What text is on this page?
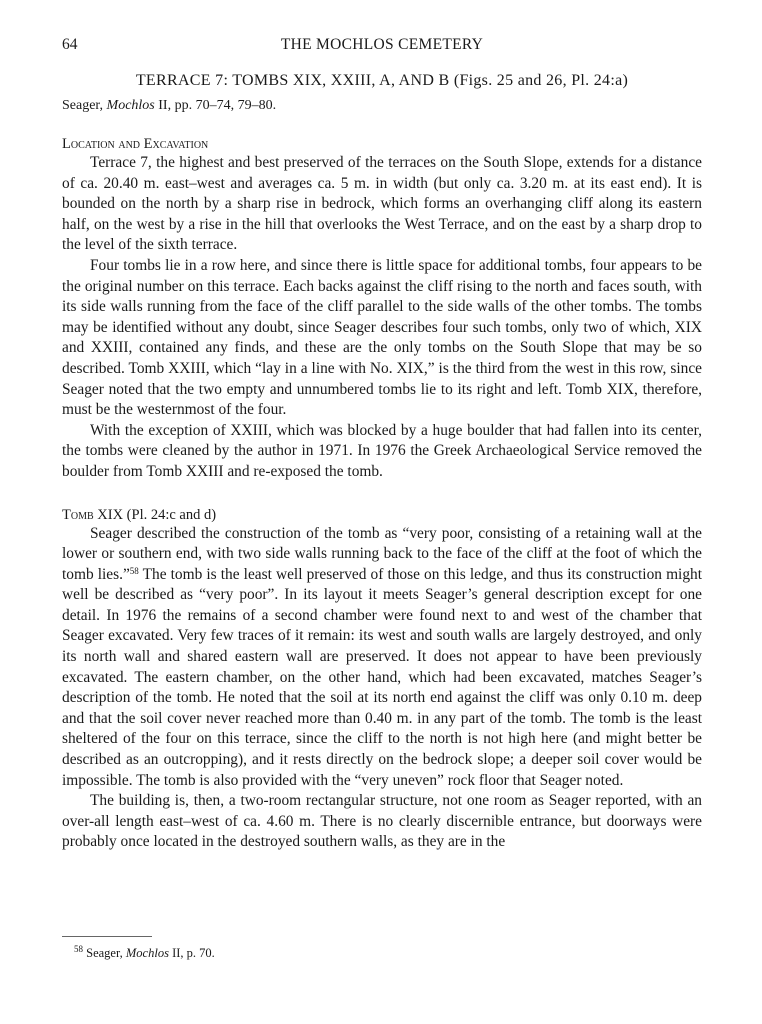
64	THE MOCHLOS CEMETERY
TERRACE 7: TOMBS XIX, XXIII, A, AND B (Figs. 25 and 26, Pl. 24:a)
Seager, Mochlos II, pp. 70–74, 79–80.
Location and Excavation

Terrace 7, the highest and best preserved of the terraces on the South Slope, extends for a distance of ca. 20.40 m. east–west and averages ca. 5 m. in width (but only ca. 3.20 m. at its east end). It is bounded on the north by a sharp rise in bedrock, which forms an overhanging cliff along its eastern half, on the west by a rise in the hill that overlooks the West Terrace, and on the east by a sharp drop to the level of the sixth terrace.

Four tombs lie in a row here, and since there is little space for additional tombs, four appears to be the original number on this terrace. Each backs against the cliff rising to the north and faces south, with its side walls running from the face of the cliff parallel to the side walls of the other tombs. The tombs may be identified without any doubt, since Seager describes four such tombs, only two of which, XIX and XXIII, contained any finds, and these are the only tombs on the South Slope that may be so described. Tomb XXIII, which “lay in a line with No. XIX,” is the third from the west in this row, since Seager noted that the two empty and unnumbered tombs lie to its right and left. Tomb XIX, therefore, must be the westernmost of the four.

With the exception of XXIII, which was blocked by a huge boulder that had fallen into its center, the tombs were cleaned by the author in 1971. In 1976 the Greek Archaeological Service removed the boulder from Tomb XXIII and re-exposed the tomb.

Tomb XIX (Pl. 24:c and d)

Seager described the construction of the tomb as “very poor, consisting of a retaining wall at the lower or southern end, with two side walls running back to the face of the cliff at the foot of which the tomb lies.”$^{58}$ The tomb is the least well preserved of those on this ledge, and thus its construction might well be described as “very poor”. In its layout it meets Seager’s general description except for one detail. In 1976 the remains of a second chamber were found next to and west of the chamber that Seager excavated. Very few traces of it remain: its west and south walls are largely destroyed, and only its north wall and shared eastern wall are preserved. It does not appear to have been previously excavated. The eastern chamber, on the other hand, which had been excavated, matches Seager’s description of the tomb. He noted that the soil at its north end against the cliff was only 0.10 m. deep and that the soil cover never reached more than 0.40 m. in any part of the tomb. The tomb is the least sheltered of the four on this terrace, since the cliff to the north is not high here (and might better be described as an outcropping), and it rests directly on the bedrock slope; a deeper soil cover would be impossible. The tomb is also provided with the “very uneven” rock floor that Seager noted.

The building is, then, a two-room rectangular structure, not one room as Seager reported, with an over-all length east–west of ca. 4.60 m. There is no clearly discernible entrance, but doorways were probably once located in the destroyed southern walls, as they are in the

$^{58}$ Seager, Mochlos II, p. 70.
